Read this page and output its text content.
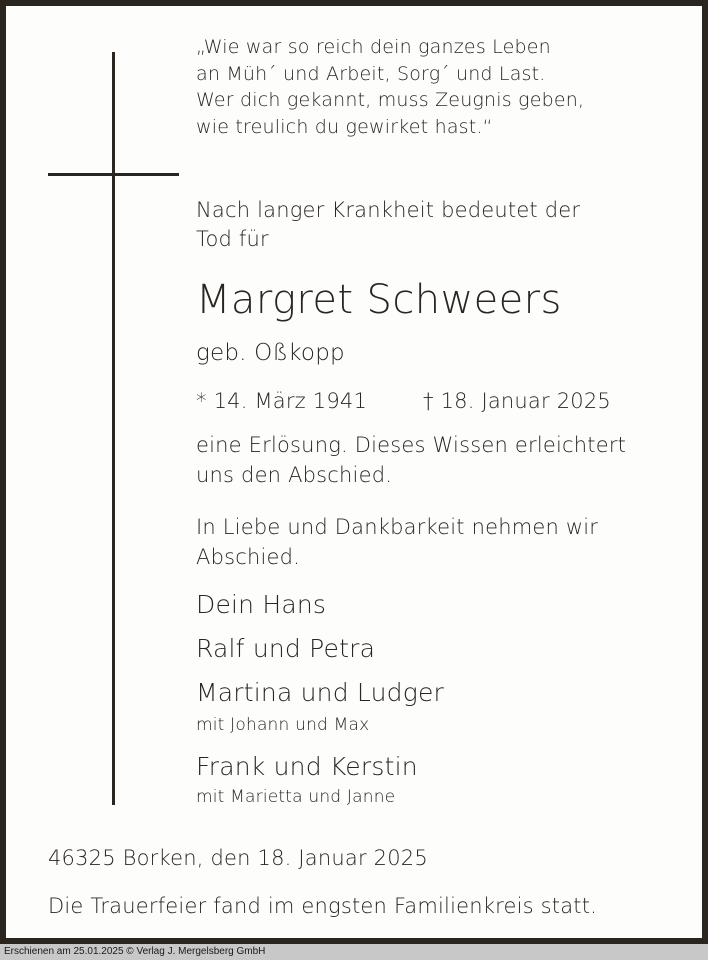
„Wie war so reich dein ganzes Leben
an Müh´ und Arbeit, Sorg´ und Last.
Wer dich gekannt, muss Zeugnis geben,
wie treulich du gewirket hast.“
Nach langer Krankheit bedeutet der
Tod für
Margret Schweers
geb. Oßkopp
* 14. März 1941	† 18. Januar 2025
eine Erlösung. Dieses Wissen erleichtert
uns den Abschied.
In Liebe und Dankbarkeit nehmen wir
Abschied.
Dein Hans
Ralf und Petra
Martina und Ludger
mit Johann und Max
Frank und Kerstin
mit Marietta und Janne
46325 Borken, den 18. Januar 2025
Die Trauerfeier fand im engsten Familienkreis statt.
Erschienen am 25.01.2025 © Verlag J. Mergelsberg GmbH
